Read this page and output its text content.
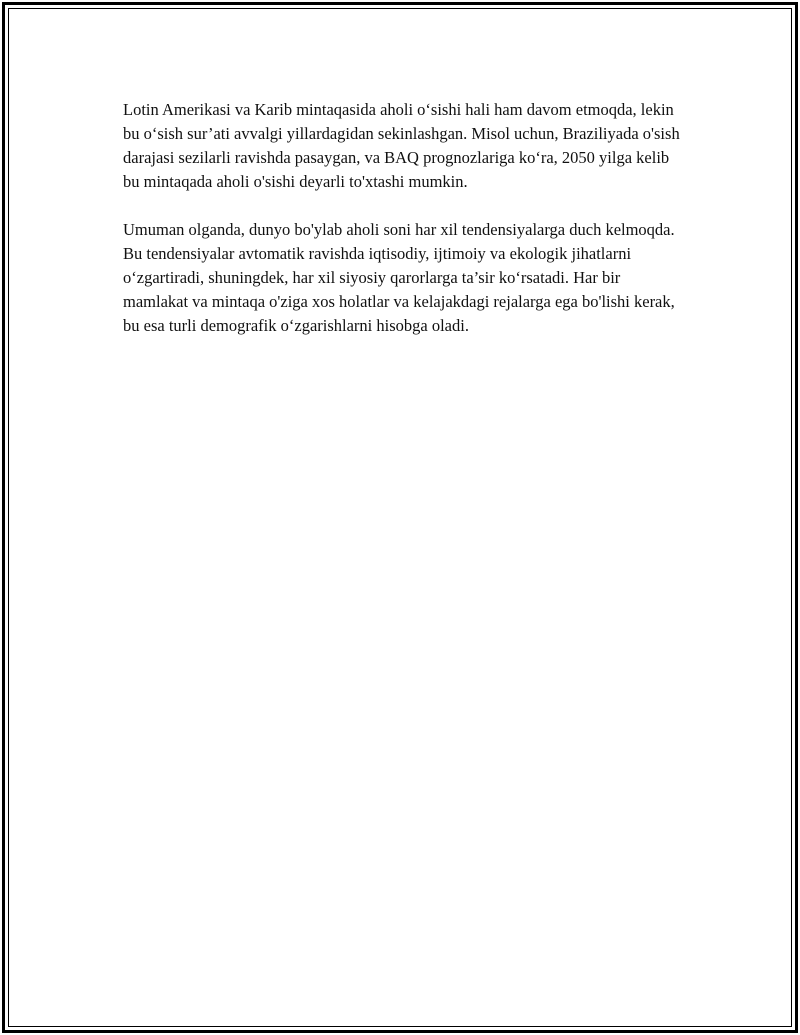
Lotin Amerikasi va Karib mintaqasida aholi o‘sishi hali ham davom etmoqda, lekin bu o‘sish sur’ati avvalgi yillardagidan sekinlashgan. Misol uchun, Braziliyada o'sish darajasi sezilarli ravishda pasaygan, va BAQ prognozlariga ko‘ra, 2050 yilga kelib bu mintaqada aholi o'sishi deyarli to'xtashi mumkin.

Umuman olganda, dunyo bo'ylab aholi soni har xil tendensiyalarga duch kelmoqda. Bu tendensiyalar avtomatik ravishda iqtisodiy, ijtimoiy va ekologik jihatlarni o‘zgartiradi, shuningdek, har xil siyosiy qarorlarga ta’sir ko‘rsatadi. Har bir mamlakat va mintaqa o'ziga xos holatlar va kelajakdagi rejalarga ega bo'lishi kerak, bu esa turli demografik o‘zgarishlarni hisobga oladi.
